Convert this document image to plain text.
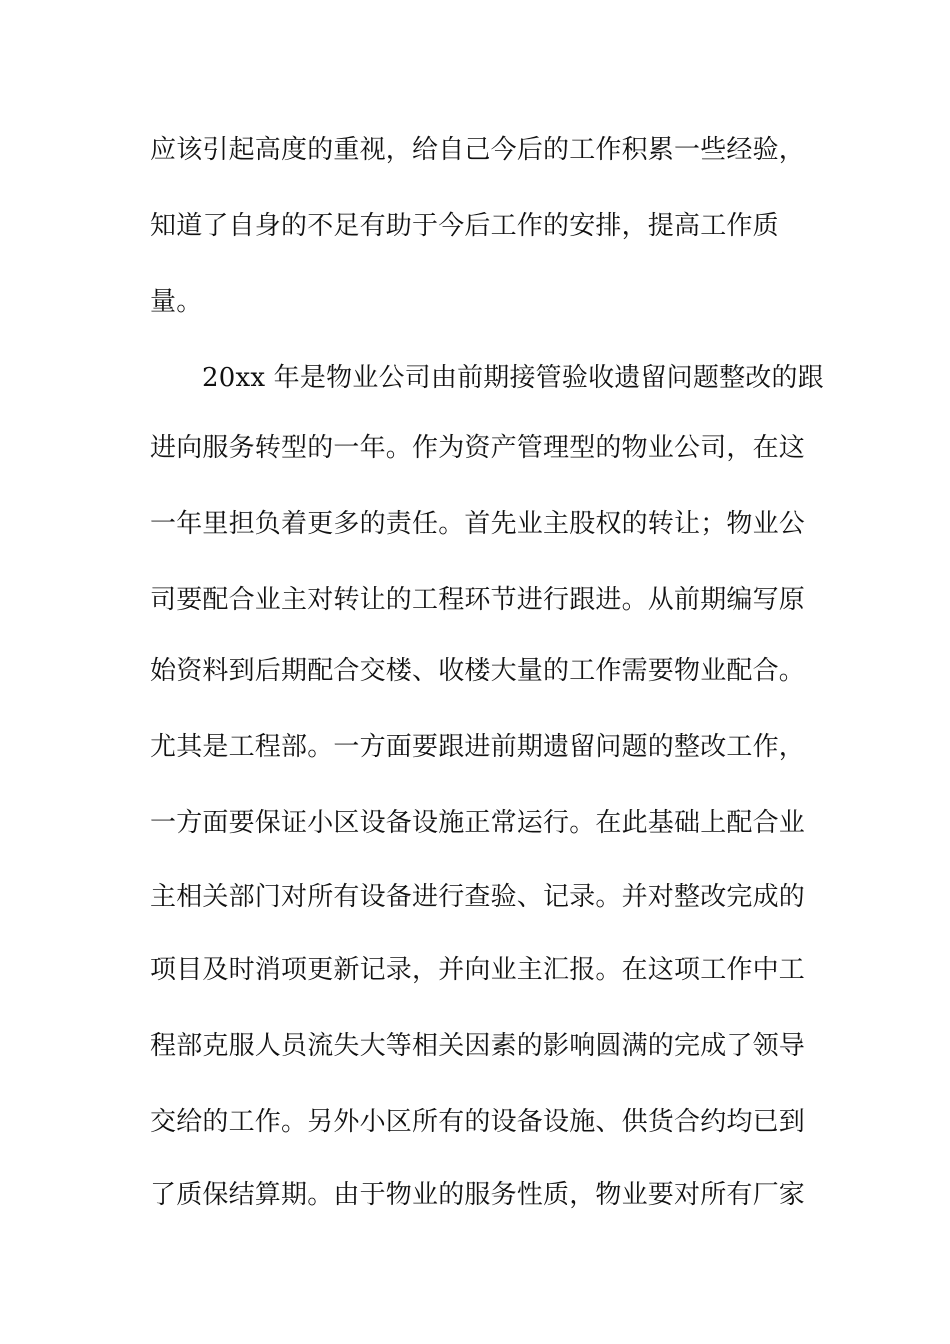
应该引起高度的重视，给自己今后的工作积累一些经验，
知道了自身的不足有助于今后工作的安排，提高工作质
量。
20xx 年是物业公司由前期接管验收遗留问题整改的跟
进向服务转型的一年。作为资产管理型的物业公司，在这
一年里担负着更多的责任。首先业主股权的转让；物业公
司要配合业主对转让的工程环节进行跟进。从前期编写原
始资料到后期配合交楼、收楼大量的工作需要物业配合。
尤其是工程部。一方面要跟进前期遗留问题的整改工作，
一方面要保证小区设备设施正常运行。在此基础上配合业
主相关部门对所有设备进行查验、记录。并对整改完成的
项目及时消项更新记录，并向业主汇报。在这项工作中工
程部克服人员流失大等相关因素的影响圆满的完成了领导
交给的工作。另外小区所有的设备设施、供货合约均已到
了质保结算期。由于物业的服务性质，物业要对所有厂家
